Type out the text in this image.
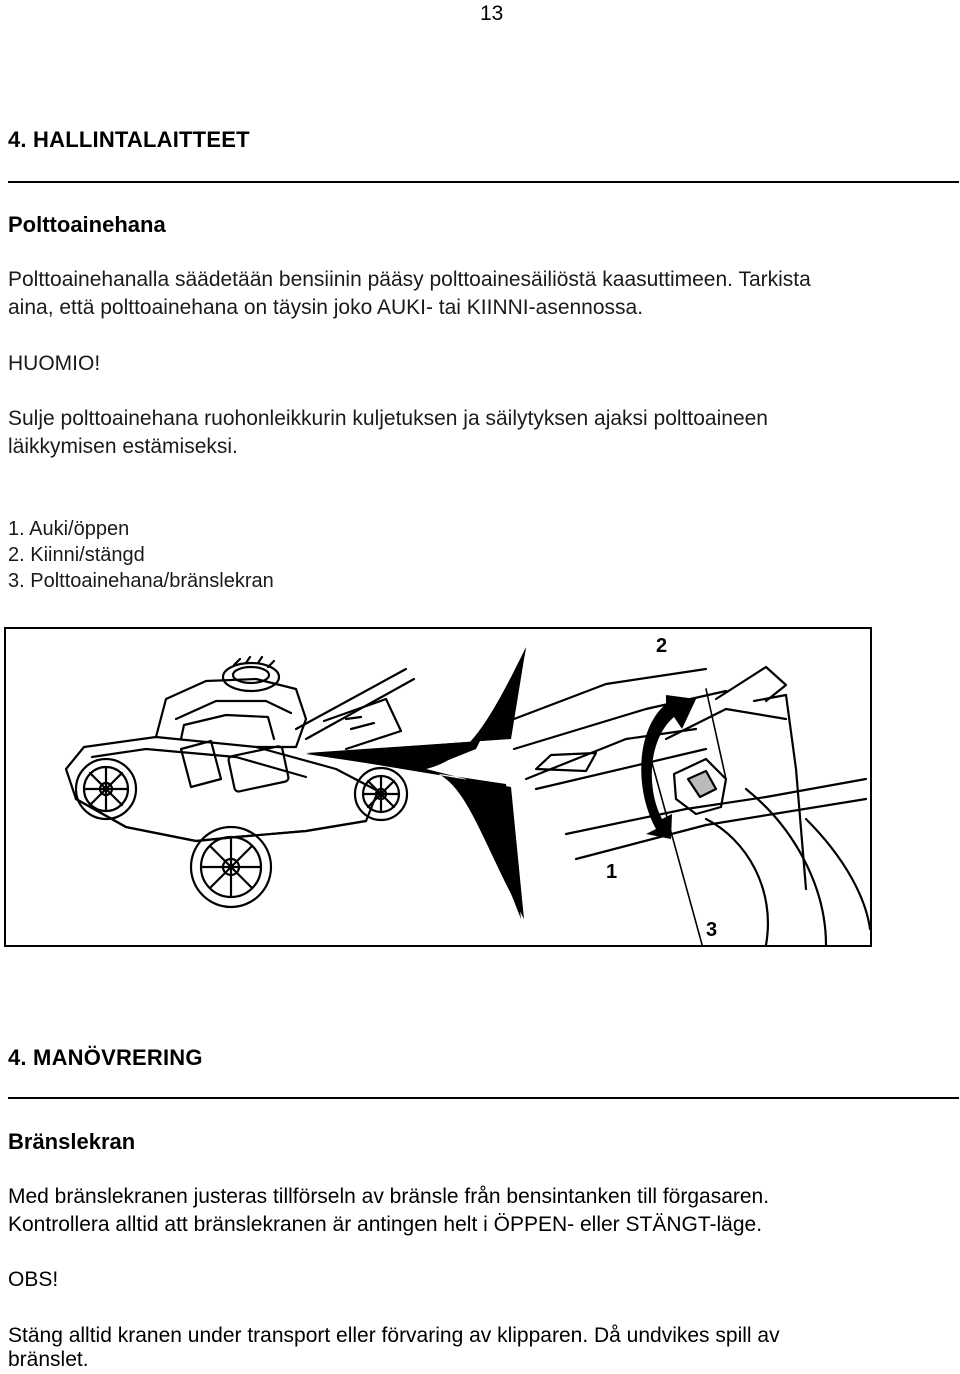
13
4. HALLINTALAITTEET
Polttoainehana
Polttoainehanalla säädetään bensiinin pääsy polttoainesäiliöstä kaasuttimeen. Tarkista
aina, että polttoainehana on täysin joko AUKI- tai KIINNI-asennossa.
HUOMIO!
Sulje polttoainehana ruohonleikkurin kuljetuksen ja säilytyksen ajaksi polttoaineen
läikkymisen estämiseksi.
1. Auki/öppen
2. Kiinni/stängd
3. Polttoainehana/bränslekran
2
1
3
4. MANÖVRERING
Bränslekran
Med bränslekranen justeras tillförseln av bränsle från bensintanken till förgasaren.
Kontrollera alltid att bränslekranen är antingen helt i ÖPPEN- eller STÄNGT-läge.
OBS!
Stäng alltid kranen under transport eller förvaring av klipparen. Då undvikes spill av
bränslet.
